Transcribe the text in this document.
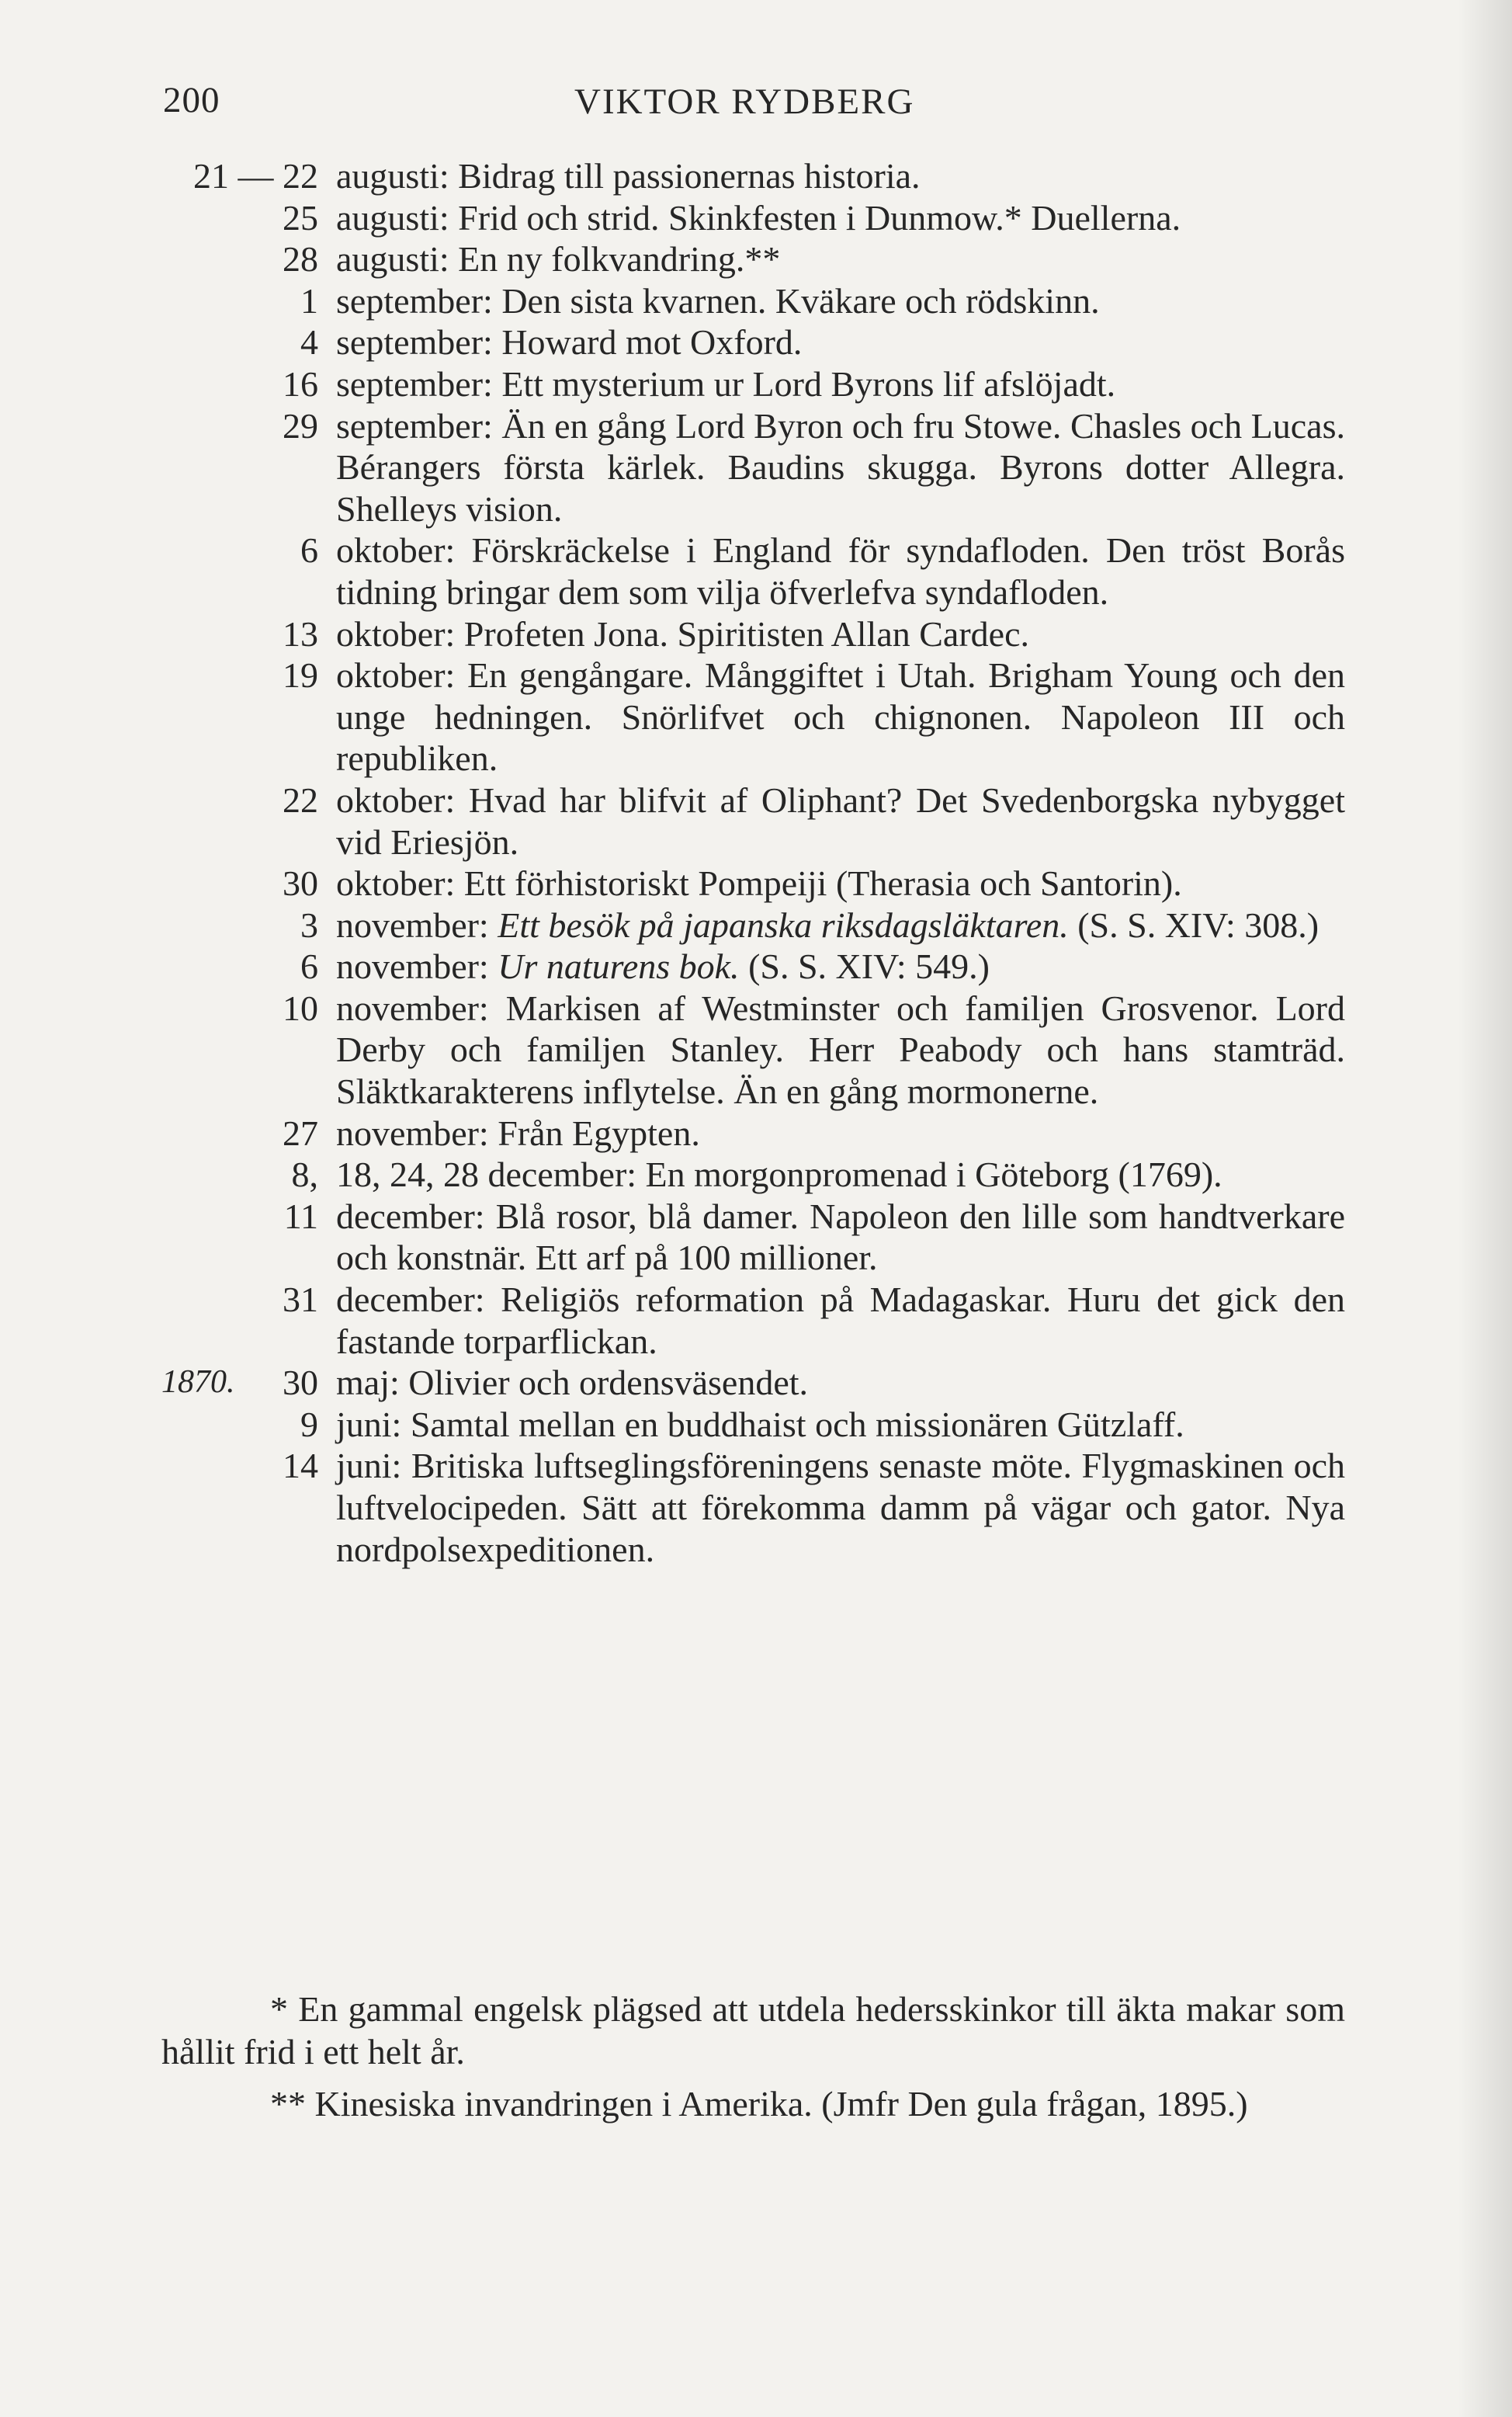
200	VIKTOR RYDBERG
21 — 22 augusti: Bidrag till passionernas historia.
25 augusti: Frid och strid. Skinkfesten i Dunmow.* Duellerna.
28 augusti: En ny folkvandring.**
1 september: Den sista kvarnen. Kväkare och rödskinn.
4 september: Howard mot Oxford.
16 september: Ett mysterium ur Lord Byrons lif afslöjadt.
29 september: Än en gång Lord Byron och fru Stowe. Chasles och Lucas. Bérangers första kärlek. Baudins skugga. Byrons dotter Allegra. Shelleys vision.
6 oktober: Förskräckelse i England för syndafloden. Den tröst Borås tidning bringar dem som vilja öfverlefva syndafloden.
13 oktober: Profeten Jona. Spiritisten Allan Cardec.
19 oktober: En gengångare. Månggiftet i Utah. Brigham Young och den unge hedningen. Snörlifvet och chignonen. Napoleon III och republiken.
22 oktober: Hvad har blifvit af Oliphant? Det Svedenborgska nybygget vid Eriesjön.
30 oktober: Ett förhistoriskt Pompeiji (Therasia och Santorin).
3 november: Ett besök på japanska riksdagsläktaren. (S. S. XIV: 308.)
6 november: Ur naturens bok. (S. S. XIV: 549.)
10 november: Markisen af Westminster och familjen Grosvenor. Lord Derby och familjen Stanley. Herr Peabody och hans stamträd. Släktkarakterens inflytelse. Än en gång mormonerne.
27 november: Från Egypten.
8, 18, 24, 28 december: En morgonpromenad i Göteborg (1769).
11 december: Blå rosor, blå damer. Napoleon den lille som handtverkare och konstnär. Ett arf på 100 millioner.
31 december: Religiös reformation på Madagaskar. Huru det gick den fastande torparflickan.
1870. 30 maj: Olivier och ordensväsendet.
9 juni: Samtal mellan en buddhaist och missionären Gützlaff.
14 juni: Britiska luftseglingsföreningens senaste möte. Flygmaskinen och luftvelocipeden. Sätt att förekomma damm på vägar och gator. Nya nordpolsexpeditionen.

* En gammal engelsk plägsed att utdela hedersskinkor till äkta makar som hållit frid i ett helt år.

** Kinesiska invandringen i Amerika. (Jmfr Den gula frågan, 1895.)
